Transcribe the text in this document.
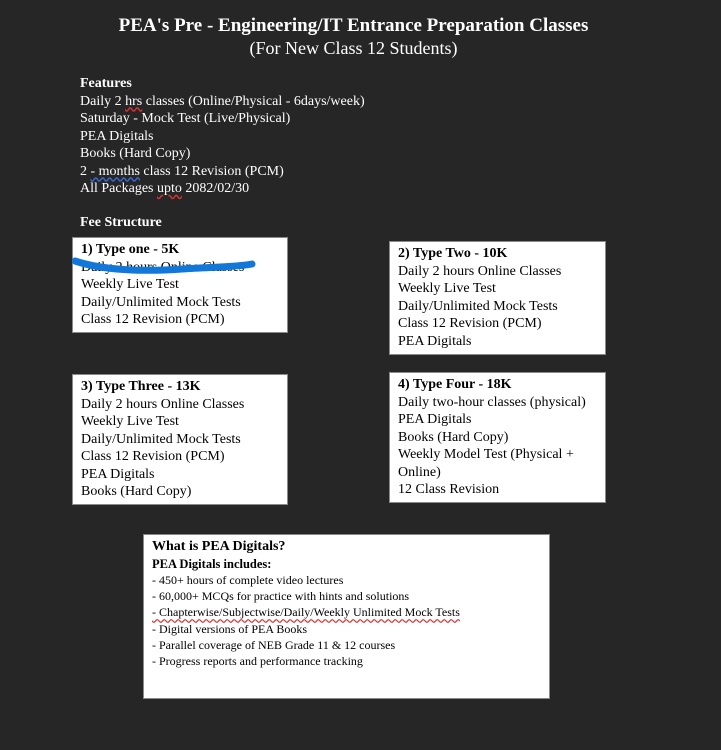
PEA's Pre - Engineering/IT Entrance Preparation Classes
(For New Class 12 Students)
Features
Daily 2 hrs classes (Online/Physical - 6days/week)
Saturday - Mock Test (Live/Physical)
PEA Digitals
Books (Hard Copy)
2 - months class 12 Revision (PCM)
All Packages upto 2082/02/30
Fee Structure
1) Type one - 5K
Daily 2 hours Online Classes
Weekly Live Test
Daily/Unlimited Mock Tests
Class 12 Revision (PCM)
2) Type Two - 10K
Daily 2 hours Online Classes
Weekly Live Test
Daily/Unlimited Mock Tests
Class 12 Revision (PCM)
PEA Digitals
3) Type Three - 13K
Daily 2 hours Online Classes
Weekly Live Test
Daily/Unlimited Mock Tests
Class 12 Revision (PCM)
PEA Digitals
Books (Hard Copy)
4) Type Four - 18K
Daily two-hour classes (physical)
PEA Digitals
Books (Hard Copy)
Weekly Model Test (Physical + Online)
12 Class Revision
What is PEA Digitals?
PEA Digitals includes:
- 450+ hours of complete video lectures
- 60,000+ MCQs for practice with hints and solutions
- Chapterwise/Subjectwise/Daily/Weekly Unlimited Mock Tests
- Digital versions of PEA Books
- Parallel coverage of NEB Grade 11 & 12 courses
- Progress reports and performance tracking
